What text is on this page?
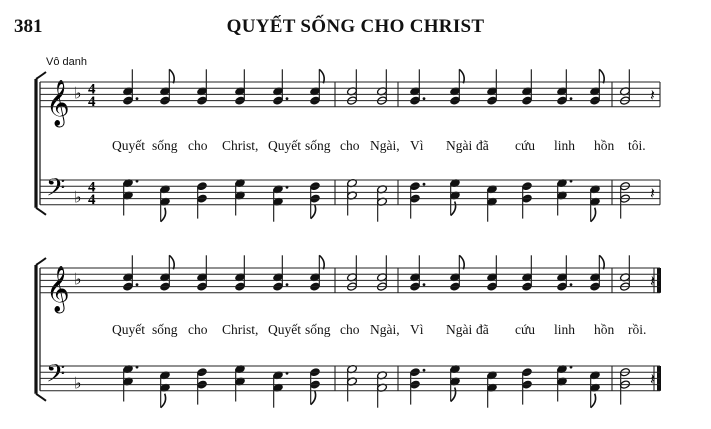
381	QUYẾT SỐNG CHO CHRIST
Vô danh
𝄞
𝄢
♭
♭
4
4
4
4
𝄽
𝄽
Quyết sống cho Christ, Quyết sống cho Ngài, Vì Ngài đã cứu linh hồn tôi.
𝄞
𝄢
♭
♭
𝄽
𝄽
Quyết sống cho Christ, Quyết sống cho Ngài, Vì Ngài đã cứu linh hồn rồi.
